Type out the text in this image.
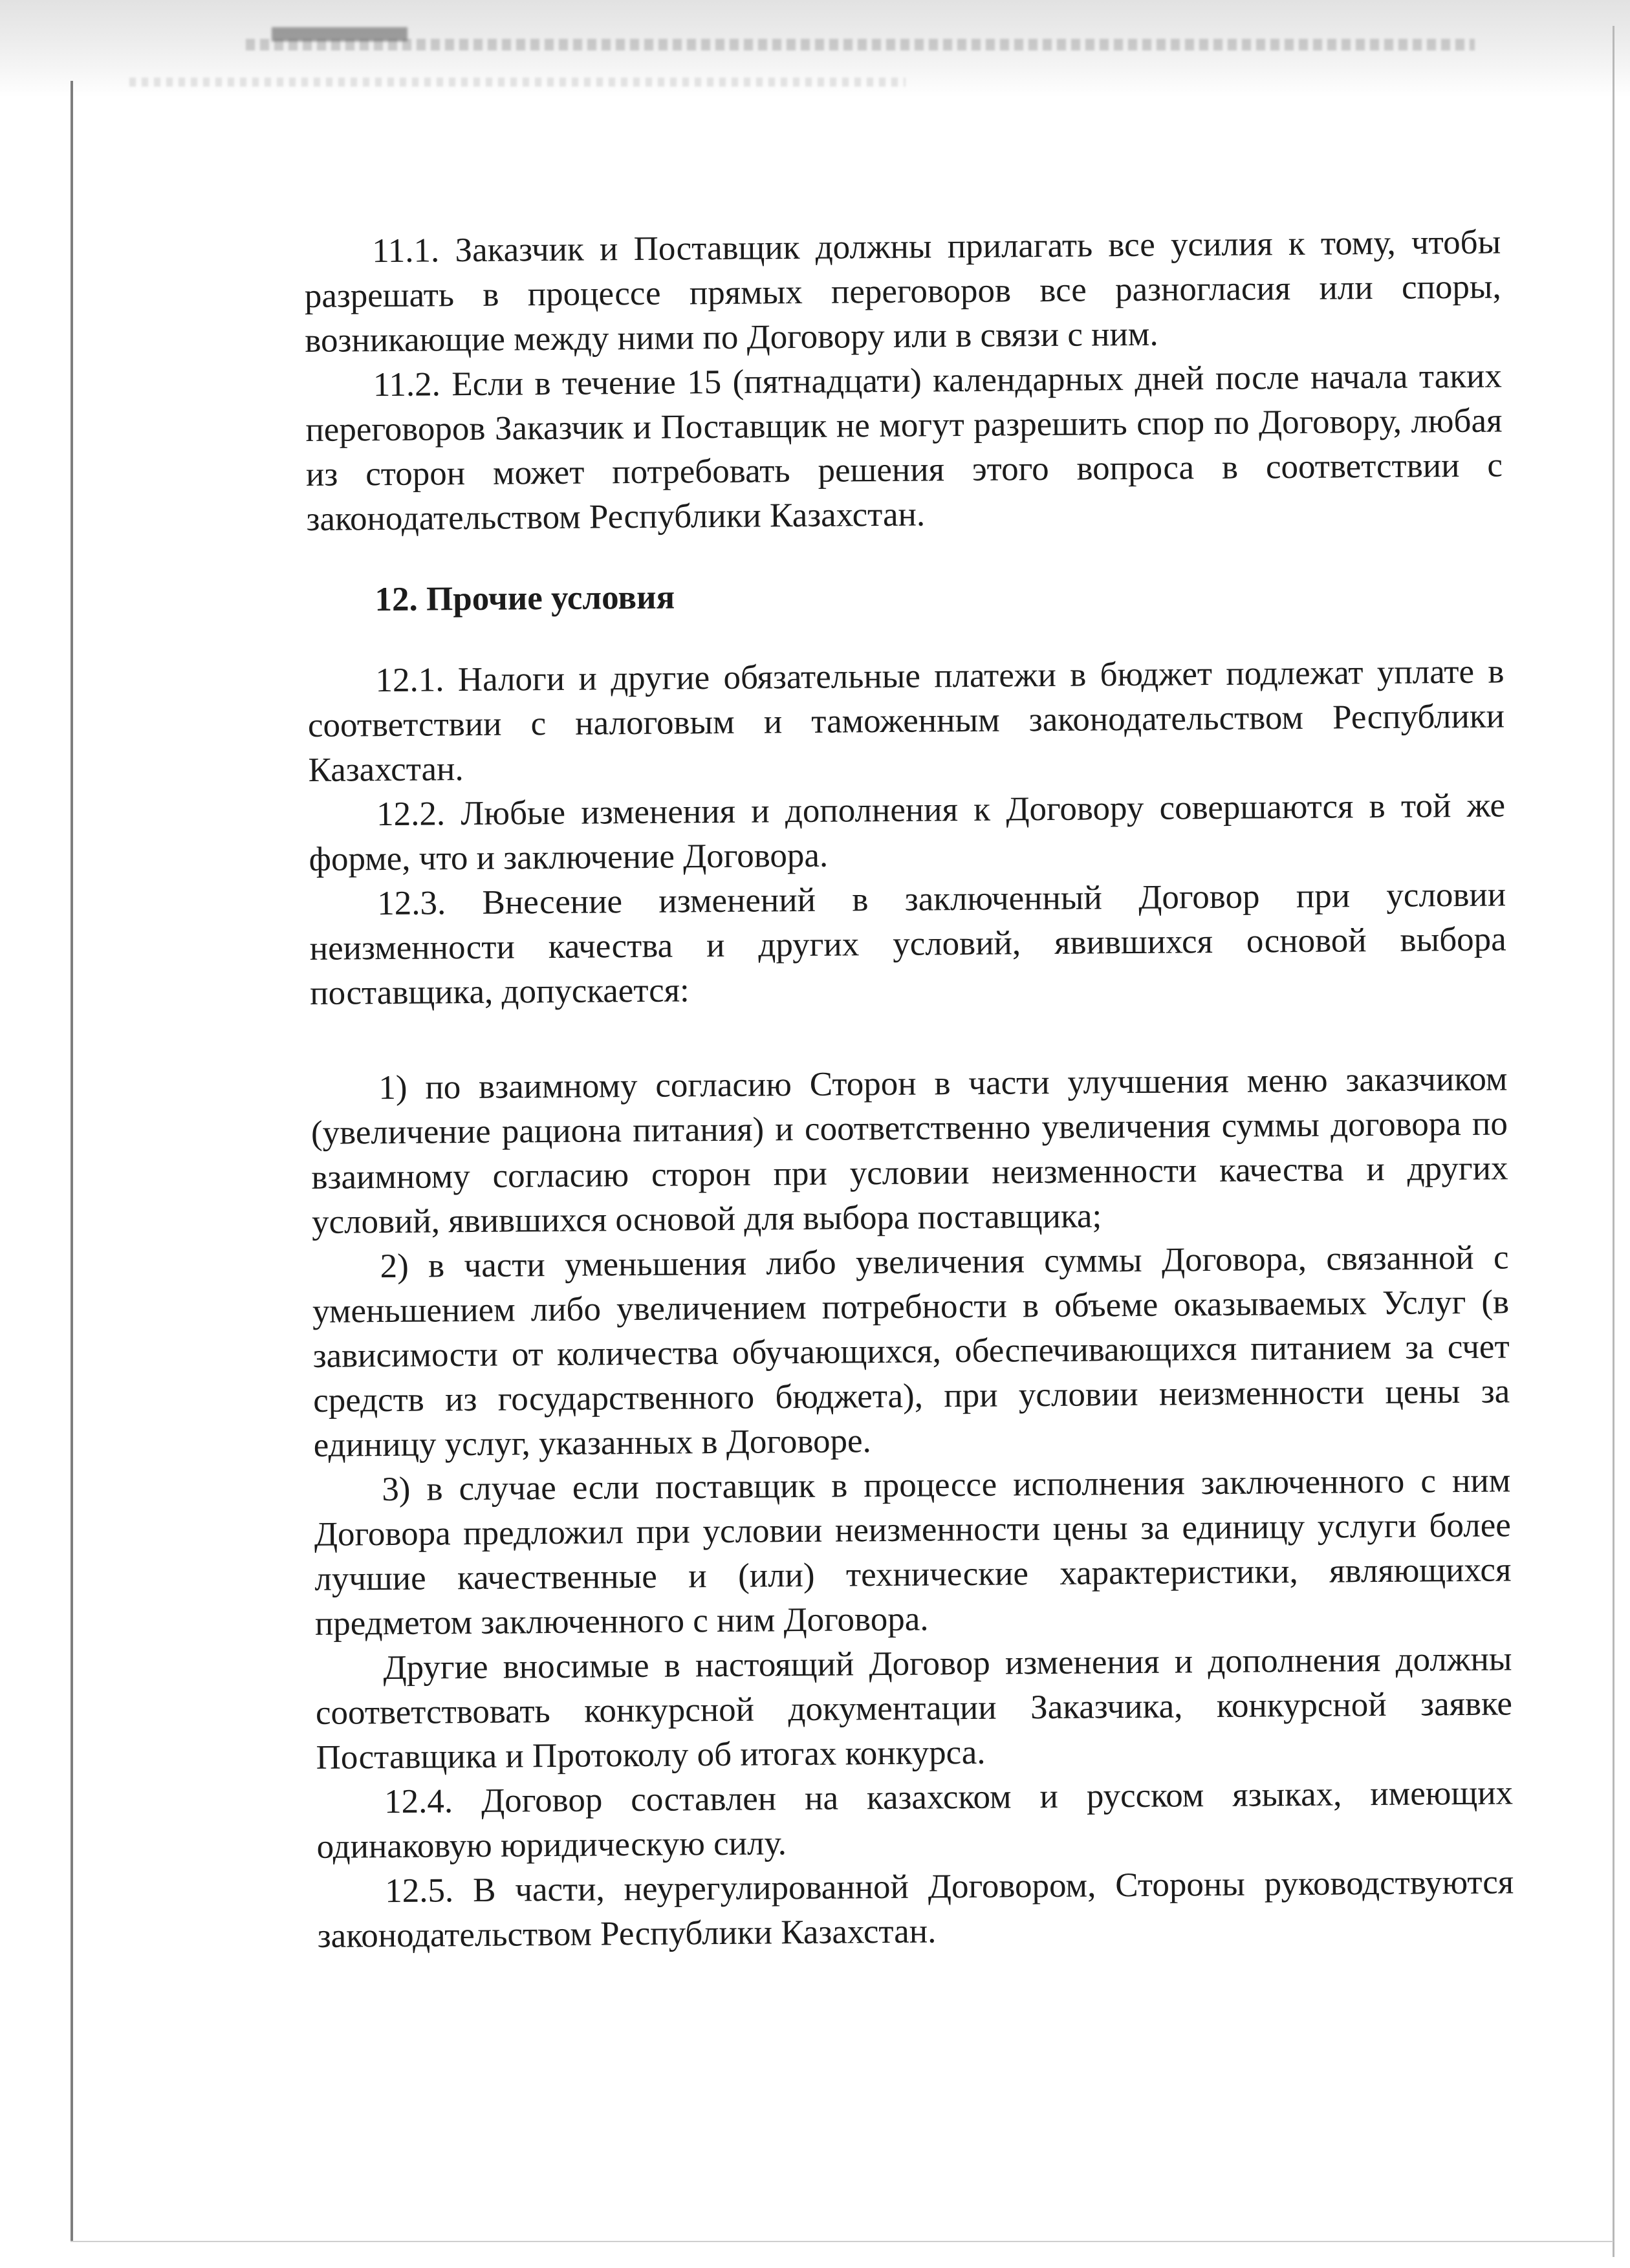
11.1. Заказчик и Поставщик должны прилагать все усилия к тому, чтобы разрешать в процессе прямых переговоров все разногласия или споры, возникающие между ними по Договору или в связи с ним.

11.2. Если в течение 15 (пятнадцати) календарных дней после начала таких переговоров Заказчик и Поставщик не могут разрешить спор по Договору, любая из сторон может потребовать решения этого вопроса в соответствии с законодательством Республики Казахстан.

12. Прочие условия

12.1. Налоги и другие обязательные платежи в бюджет подлежат уплате в соответствии с налоговым и таможенным законодательством Республики Казахстан.

12.2. Любые изменения и дополнения к Договору совершаются в той же форме, что и заключение Договора.

12.3. Внесение изменений в заключенный Договор при условии неизменности качества и других условий, явившихся основой выбора поставщика, допускается:

1) по взаимному согласию Сторон в части улучшения меню заказчиком (увеличение рациона питания) и соответственно увеличения суммы договора по взаимному согласию сторон при условии неизменности качества и других условий, явившихся основой для выбора поставщика;

2) в части уменьшения либо увеличения суммы Договора, связанной с уменьшением либо увеличением потребности в объеме оказываемых Услуг (в зависимости от количества обучающихся, обеспечивающихся питанием за счет средств из государственного бюджета), при условии неизменности цены за единицу услуг, указанных в Договоре.

3) в случае если поставщик в процессе исполнения заключенного с ним Договора предложил при условии неизменности цены за единицу услуги более лучшие качественные и (или) технические характеристики, являющихся предметом заключенного с ним Договора.

Другие вносимые в настоящий Договор изменения и дополнения должны соответствовать конкурсной документации Заказчика, конкурсной заявке Поставщика и Протоколу об итогах конкурса.

12.4. Договор составлен на казахском и русском языках, имеющих одинаковую юридическую силу.

12.5. В части, неурегулированной Договором, Стороны руководствуются законодательством Республики Казахстан.
